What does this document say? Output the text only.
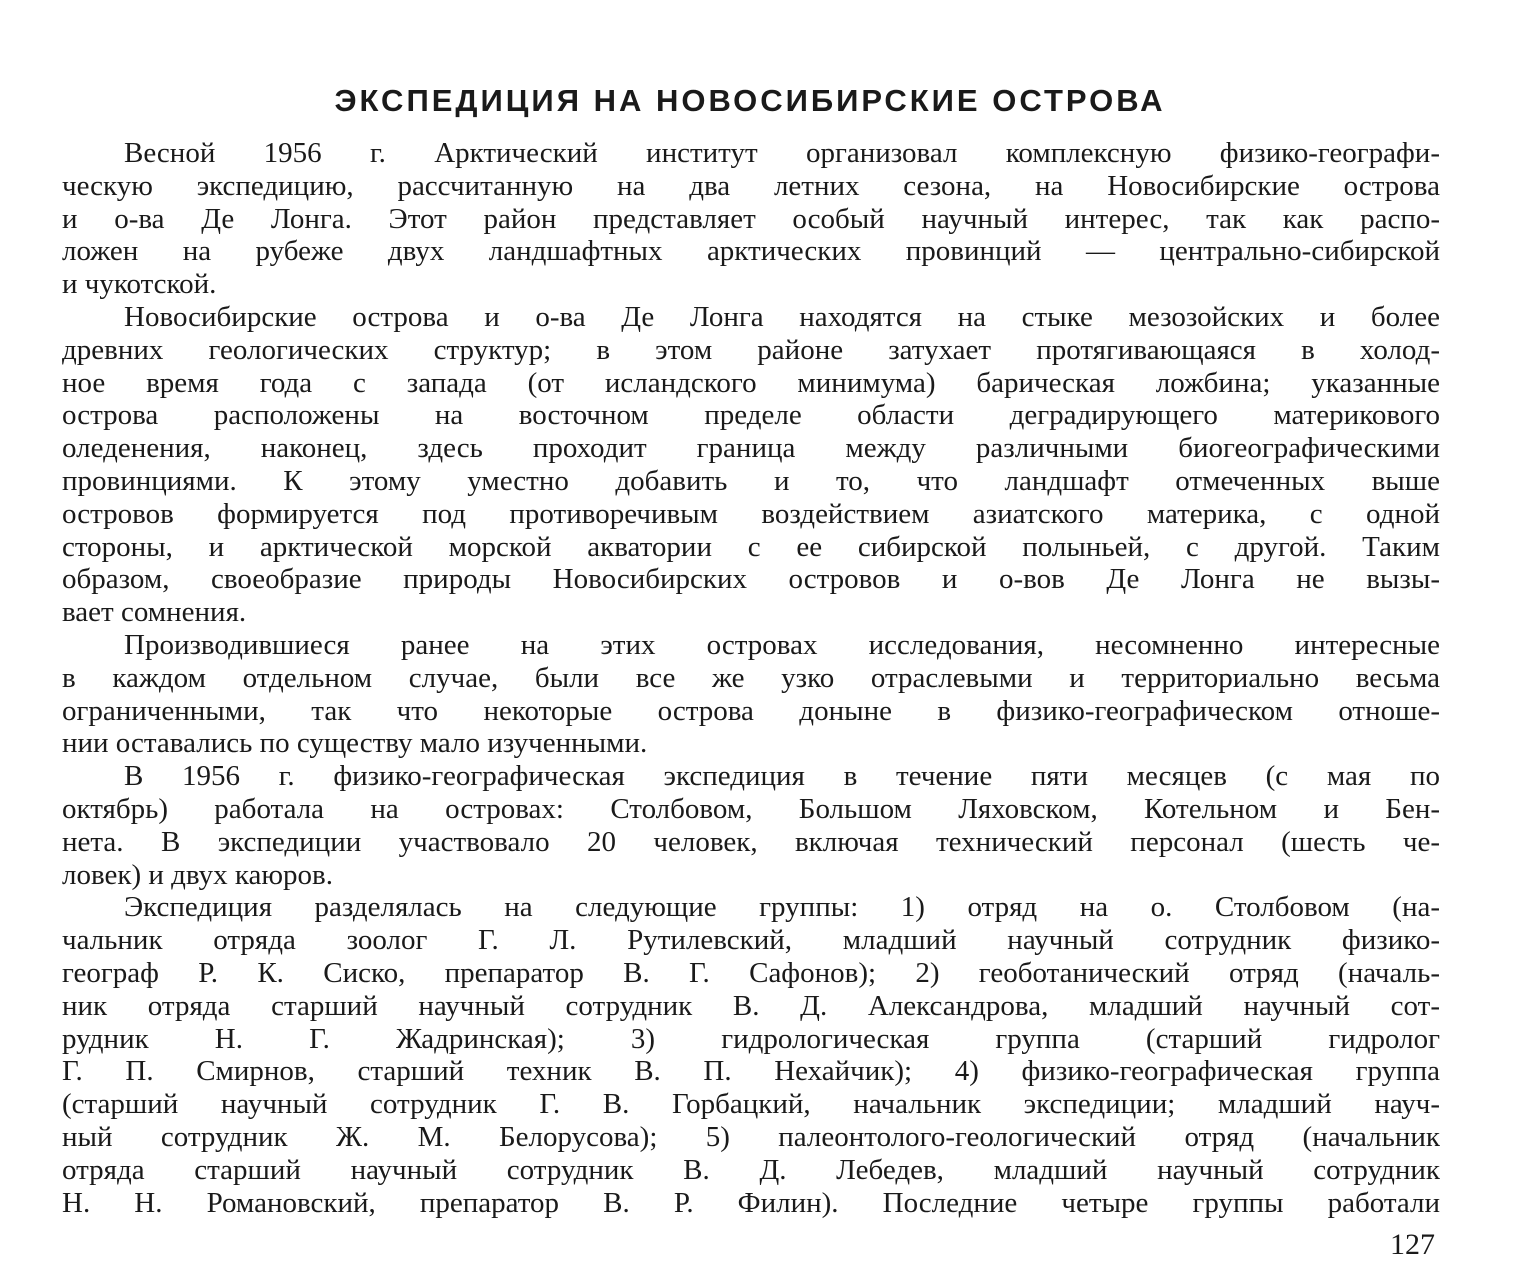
ЭКСПЕДИЦИЯ НА НОВОСИБИРСКИЕ ОСТРОВА
Весной 1956 г. Арктический институт организовал комплексную физико-географи-
ческую экспедицию, рассчитанную на два летних сезона, на Новосибирские острова
и о-ва Де Лонга. Этот район представляет особый научный интерес, так как распо-
ложен на рубеже двух ландшафтных арктических провинций — центрально-сибирской
и чукотской.
Новосибирские острова и о-ва Де Лонга находятся на стыке мезозойских и более
древних геологических структур; в этом районе затухает протягивающаяся в холод-
ное время года с запада (от исландского минимума) барическая ложбина; указанные
острова расположены на восточном пределе области деградирующего материкового
оледенения, наконец, здесь проходит граница между различными биогеографическими
провинциями. К этому уместно добавить и то, что ландшафт отмеченных выше
островов формируется под противоречивым воздействием азиатского материка, с одной
стороны, и арктической морской акватории с ее сибирской полыньей, с другой. Таким
образом, своеобразие природы Новосибирских островов и о-вов Де Лонга не вызы-
вает сомнения.
Производившиеся ранее на этих островах исследования, несомненно интересные
в каждом отдельном случае, были все же узко отраслевыми и территориально весьма
ограниченными, так что некоторые острова доныне в физико-географическом отноше-
нии оставались по существу мало изученными.
В 1956 г. физико-географическая экспедиция в течение пяти месяцев (с мая по
октябрь) работала на островах: Столбовом, Большом Ляховском, Котельном и Бен-
нета. В экспедиции участвовало 20 человек, включая технический персонал (шесть че-
ловек) и двух каюров.
Экспедиция разделялась на следующие группы: 1) отряд на о. Столбовом (на-
чальник отряда зоолог Г. Л. Рутилевский, младший научный сотрудник физико-
географ Р. К. Сиско, препаратор В. Г. Сафонов); 2) геоботанический отряд (началь-
ник отряда старший научный сотрудник В. Д. Александрова, младший научный сот-
рудник Н. Г. Жадринская); 3) гидрологическая группа (старший гидролог
Г. П. Смирнов, старший техник В. П. Нехайчик); 4) физико-географическая группа
(старший научный сотрудник Г. В. Горбацкий, начальник экспедиции; младший науч-
ный сотрудник Ж. М. Белорусова); 5) палеонтолого-геологический отряд (начальник
отряда старший научный сотрудник В. Д. Лебедев, младший научный сотрудник
Н. Н. Романовский, препаратор В. Р. Филин). Последние четыре группы работали
127
